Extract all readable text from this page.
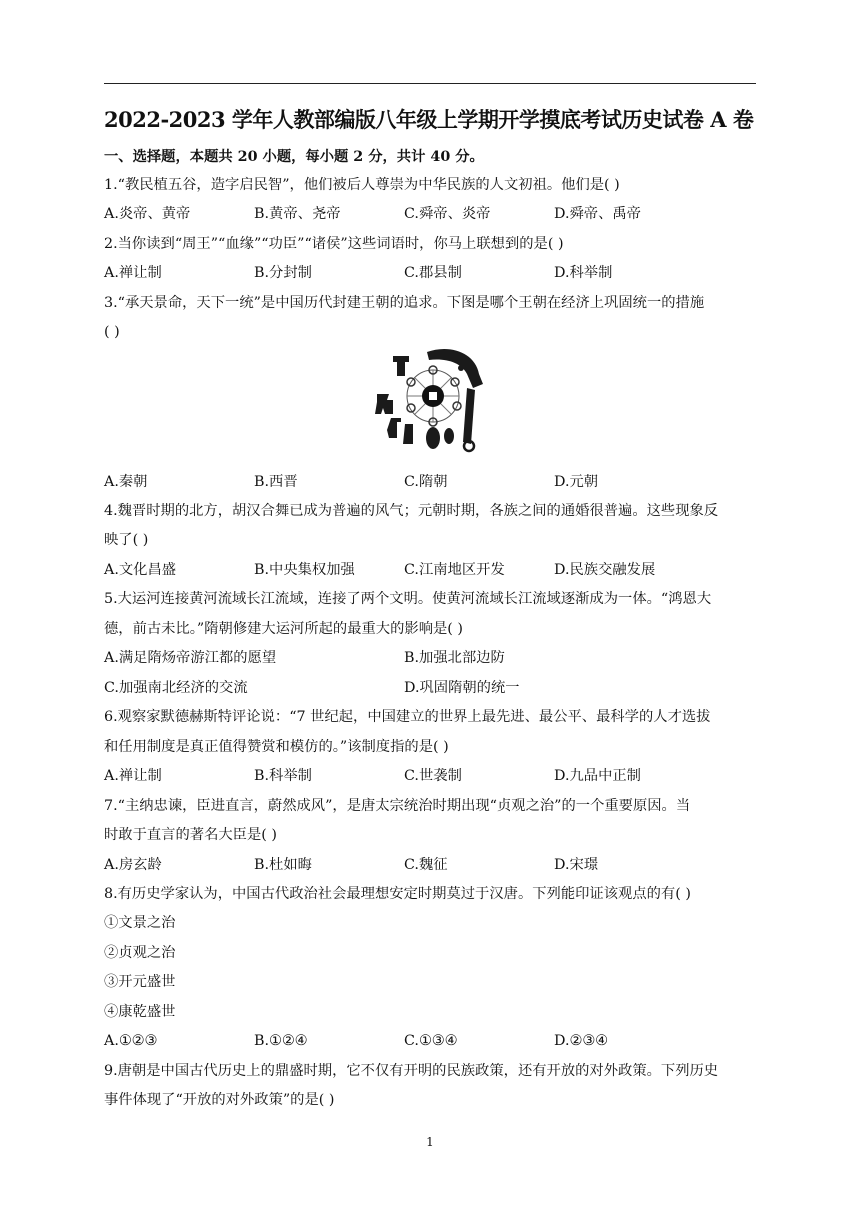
2022-2023 学年人教部编版八年级上学期开学摸底考试历史试卷 A 卷
一、选择题，本题共 20 小题，每小题 2 分，共计 40 分。
1.“教民植五谷，造字启民智”，他们被后人尊崇为中华民族的人文初祖。他们是( )
A.炎帝、黄帝	B.黄帝、尧帝	C.舜帝、炎帝	D.舜帝、禹帝
2.当你读到“周王”“血缘”“功臣”“诸侯”这些词语时，你马上联想到的是( )
A.禅让制	B.分封制	C.郡县制	D.科举制
3.“承天景命，天下一统”是中国历代封建王朝的追求。下图是哪个王朝在经济上巩固统一的措施
( )
A.秦朝	B.西晋	C.隋朝	D.元朝
4.魏晋时期的北方，胡汉合舞已成为普遍的风气；元朝时期，各族之间的通婚很普遍。这些现象反
映了( )
A.文化昌盛	B.中央集权加强	C.江南地区开发	D.民族交融发展
5.大运河连接黄河流域长江流域，连接了两个文明。使黄河流域长江流域逐渐成为一体。“鸿恩大
德，前古未比。”隋朝修建大运河所起的最重大的影响是( )
A.满足隋炀帝游江都的愿望	B.加强北部边防
C.加强南北经济的交流	D.巩固隋朝的统一
6.观察家默德赫斯特评论说：“7 世纪起，中国建立的世界上最先进、最公平、最科学的人才选拔
和任用制度是真正值得赞赏和模仿的。”该制度指的是( )
A.禅让制	B.科举制	C.世袭制	D.九品中正制
7.“主纳忠谏，臣进直言，蔚然成风”，是唐太宗统治时期出现“贞观之治”的一个重要原因。当
时敢于直言的著名大臣是( )
A.房玄龄	B.杜如晦	C.魏征	D.宋璟
8.有历史学家认为，中国古代政治社会最理想安定时期莫过于汉唐。下列能印证该观点的有( )
①文景之治
②贞观之治
③开元盛世
④康乾盛世
A.①②③	B.①②④	C.①③④	D.②③④
9.唐朝是中国古代历史上的鼎盛时期，它不仅有开明的民族政策，还有开放的对外政策。下列历史
事件体现了“开放的对外政策”的是( )
1
